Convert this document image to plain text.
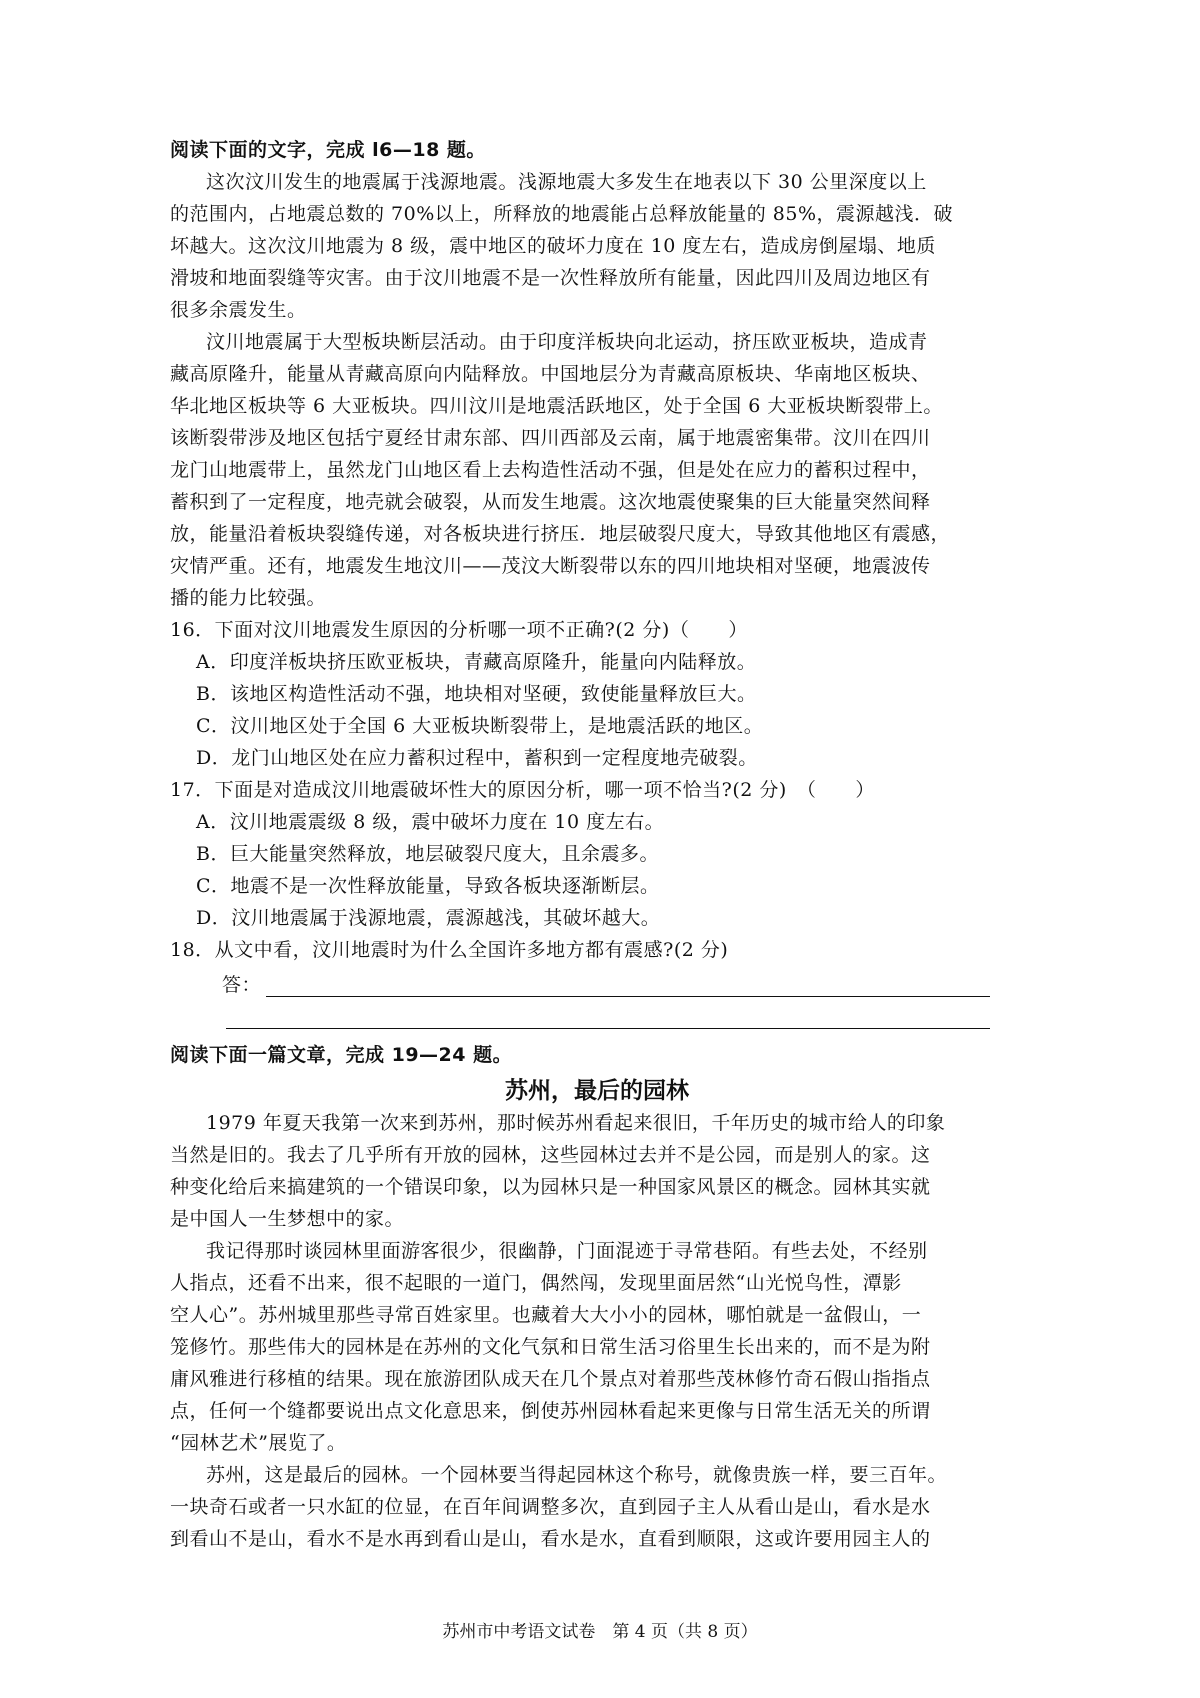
阅读下面的文字，完成 l6—18 题。
这次汶川发生的地震属于浅源地震。浅源地震大多发生在地表以下 30 公里深度以上
的范围内，占地震总数的 70%以上，所释放的地震能占总释放能量的 85%，震源越浅．破
坏越大。这次汶川地震为 8 级，震中地区的破坏力度在 10 度左右，造成房倒屋塌、地质
滑坡和地面裂缝等灾害。由于汶川地震不是一次性释放所有能量，因此四川及周边地区有
很多余震发生。
汶川地震属于大型板块断层活动。由于印度洋板块向北运动，挤压欧亚板块，造成青
藏高原隆升，能量从青藏高原向内陆释放。中国地层分为青藏高原板块、华南地区板块、
华北地区板块等 6 大亚板块。四川汶川是地震活跃地区，处于全国 6 大亚板块断裂带上。
该断裂带涉及地区包括宁夏经甘肃东部、四川西部及云南，属于地震密集带。汶川在四川
龙门山地震带上，虽然龙门山地区看上去构造性活动不强，但是处在应力的蓄积过程中，
蓄积到了一定程度，地壳就会破裂，从而发生地震。这次地震使聚集的巨大能量突然间释
放，能量沿着板块裂缝传递，对各板块进行挤压．地层破裂尺度大，导致其他地区有震感，
灾情严重。还有，地震发生地汶川——茂汶大断裂带以东的四川地块相对坚硬，地震波传
播的能力比较强。
16．下面对汶川地震发生原因的分析哪一项不正确?(2 分)（　　）
A．印度洋板块挤压欧亚板块，青藏高原隆升，能量向内陆释放。
B．该地区构造性活动不强，地块相对坚硬，致使能量释放巨大。
C．汶川地区处于全国 6 大亚板块断裂带上，是地震活跃的地区。
D．龙门山地区处在应力蓄积过程中，蓄积到一定程度地壳破裂。
17．下面是对造成汶川地震破坏性大的原因分析，哪一项不恰当?(2 分)　（　　）
A．汶川地震震级 8 级，震中破坏力度在 10 度左右。
B．巨大能量突然释放，地层破裂尺度大，且余震多。
C．地震不是一次性释放能量，导致各板块逐渐断层。
D．汶川地震属于浅源地震，震源越浅，其破坏越大。
18．从文中看，汶川地震时为什么全国许多地方都有震感?(2 分)
答：
阅读下面一篇文章，完成 19—24 题。
苏州，最后的园林
1979 年夏天我第一次来到苏州，那时候苏州看起来很旧，千年历史的城市给人的印象
当然是旧的。我去了几乎所有开放的园林，这些园林过去并不是公园，而是别人的家。这
种变化给后来搞建筑的一个错误印象，以为园林只是一种国家风景区的概念。园林其实就
是中国人一生梦想中的家。
我记得那时谈园林里面游客很少，很幽静，门面混迹于寻常巷陌。有些去处，不经别
人指点，还看不出来，很不起眼的一道门，偶然闯，发现里面居然“山光悦鸟性，潭影
空人心”。苏州城里那些寻常百姓家里。也藏着大大小小的园林，哪怕就是一盆假山，一
笼修竹。那些伟大的园林是在苏州的文化气氛和日常生活习俗里生长出来的，而不是为附
庸风雅进行移植的结果。现在旅游团队成天在几个景点对着那些茂林修竹奇石假山指指点
点，任何一个缝都要说出点文化意思来，倒使苏州园林看起来更像与日常生活无关的所谓
“园林艺术”展览了。
苏州，这是最后的园林。一个园林要当得起园林这个称号，就像贵族一样，要三百年。
一块奇石或者一只水缸的位显，在百年间调整多次，直到园子主人从看山是山，看水是水
到看山不是山，看水不是水再到看山是山，看水是水，直看到顺限，这或许要用园主人的
苏州市中考语文试卷　第 4 页（共 8 页）
